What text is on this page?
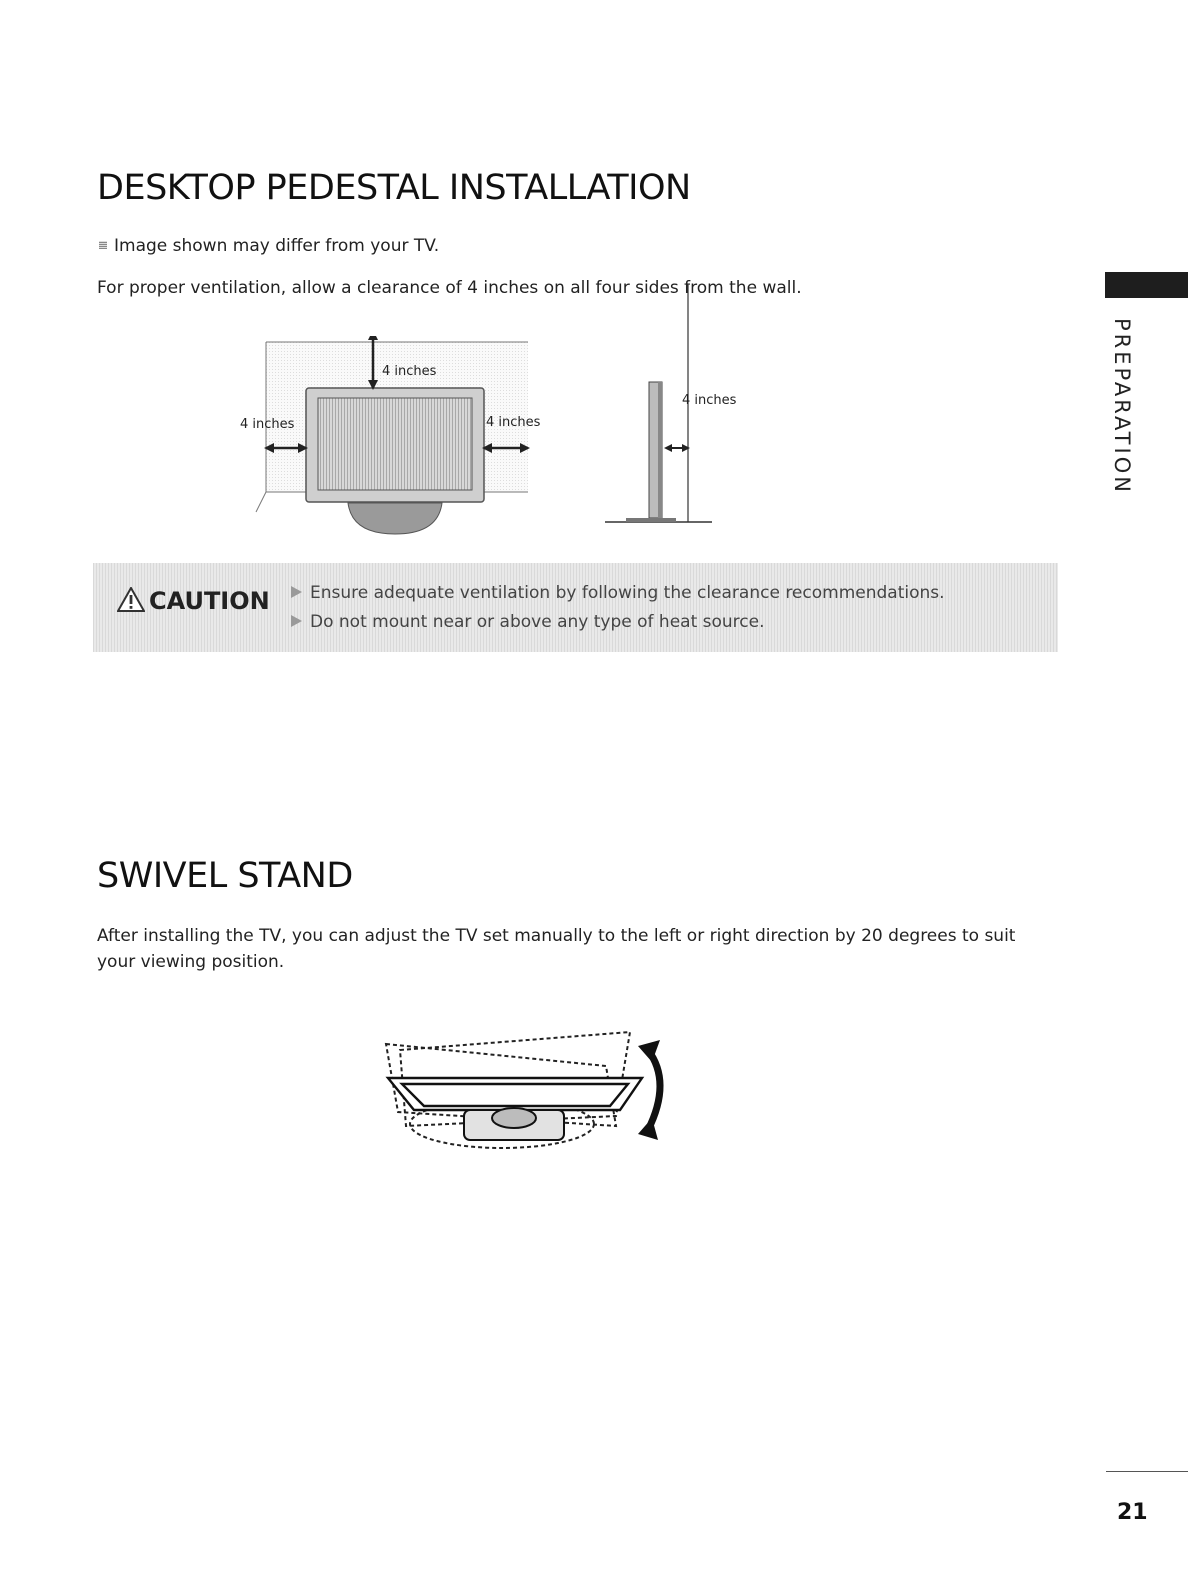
PREPARATION
DESKTOP PEDESTAL INSTALLATION
Image shown may differ from your TV.
For proper ventilation, allow a clearance of 4 inches on all four sides from the wall.
4 inches
4 inches	4 inches
4 inches
CAUTION	Ensure adequate ventilation by following the clearance recommendations.
Do not mount near or above any type of heat source.
SWIVEL STAND
After installing the TV, you can adjust the TV set manually to the left or right direction by 20 degrees to suit your viewing position.
21
